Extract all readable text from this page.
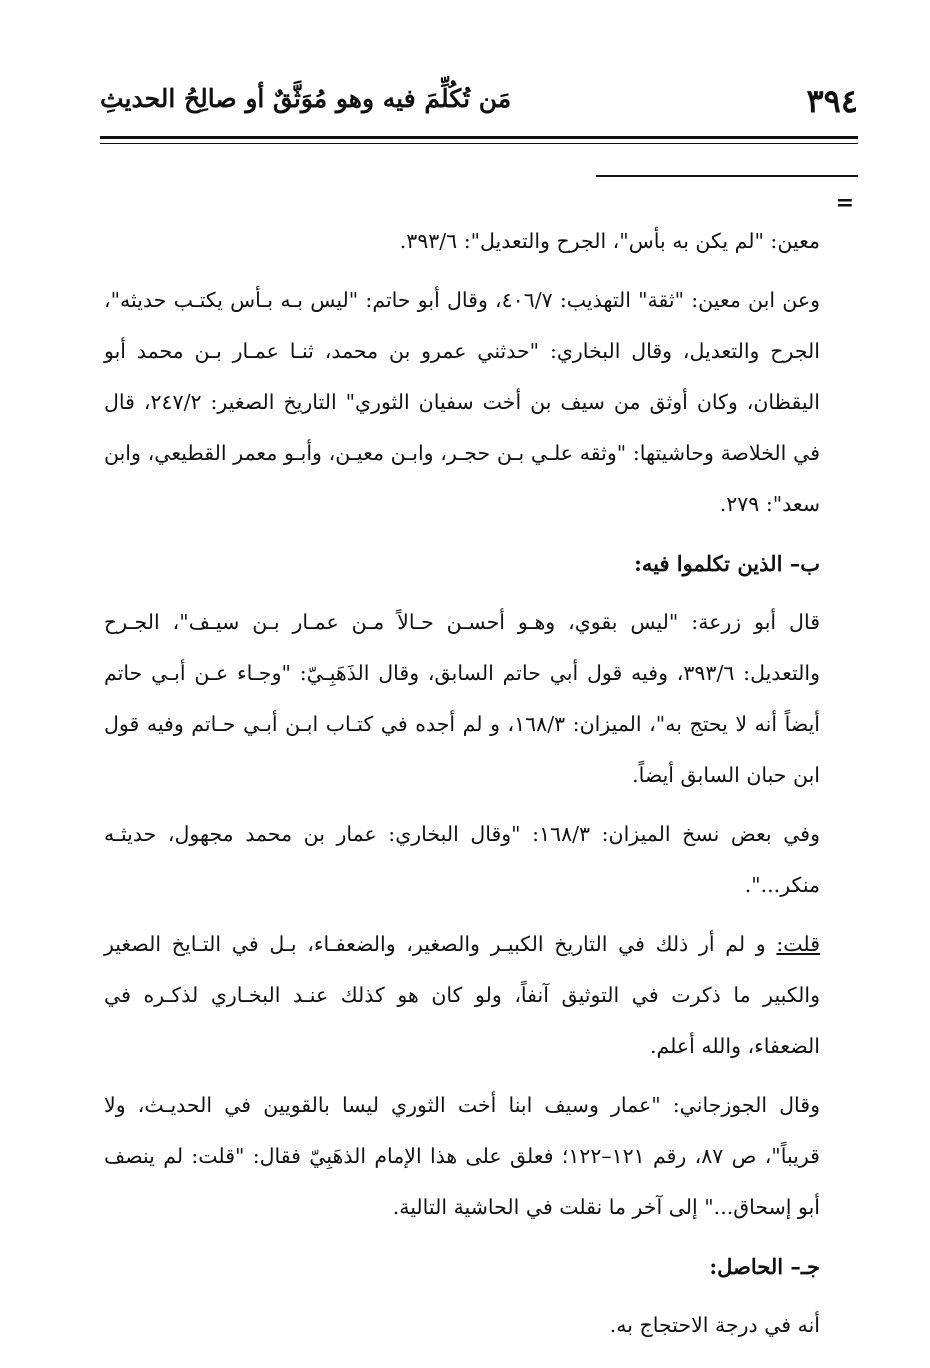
٣٩٤
مَن تُكُلِّمَ فيه وهو مُوَثَّقٌ أو صالِحُ الحديثِ
=

معين: "لم يكن به بأس"، الجرح والتعديل": ٣٩٣/٦.

وعن ابن معين: "ثقة" التهذيب: ٤٠٦/٧، وقال أبو حاتم: "ليس بـه بـأس يكتـب حديثه"، الجرح والتعديل، وقال البخاري: "حدثني عمرو بن محمد، ثنـا عمـار بـن محمد أبو اليقظان، وكان أوثق من سيف بن أخت سفيان الثوري" التاريخ الصغير: ٢٤٧/٢، قال في الخلاصة وحاشيتها: "وثقه علـي بـن حجـر، وابـن معيـن، وأبـو معمر القطيعي، وابن سعد": ٢٧٩.

ب– الذين تكلموا فيه:

قال أبو زرعة: "ليس بقوي، وهـو أحسـن حـالاً مـن عمـار بـن سيـف"، الجـرح والتعديل: ٣٩٣/٦، وفيه قول أبي حاتم السابق، وقال الذَهَبِـيّ: "وجـاء عـن أبـي حاتم أيضاً أنه لا يحتج به"، الميزان: ١٦٨/٣، و لم أجده في كتـاب ابـن أبـي حـاتم وفيه قول ابن حبان السابق أيضاً.

وفي بعض نسخ الميزان: ١٦٨/٣: "وقال البخاري: عمار بن محمد مجهول، حديثـه منكر...".

قلت: و لم أر ذلك في التاريخ الكبيـر والصغير، والضعفـاء، بـل في التـايخ الصغير والكبير ما ذكرت في التوثيق آنفاً، ولو كان هو كذلك عنـد البخـاري لذكـره في الضعفاء، والله أعلم.

وقال الجوزجاني: "عمار وسيف ابنا أخت الثوري ليسا بالقويين في الحديـث، ولا قريباً"، ص ٨٧، رقم ١٢١–١٢٢؛ فعلق على هذا الإمام الذهَبِيّ فقال: "قلت: لم ينصف أبو إسحاق..." إلى آخر ما نقلت في الحاشية التالية.

جـ– الحاصل:

أنه في درجة الاحتجاج به.
